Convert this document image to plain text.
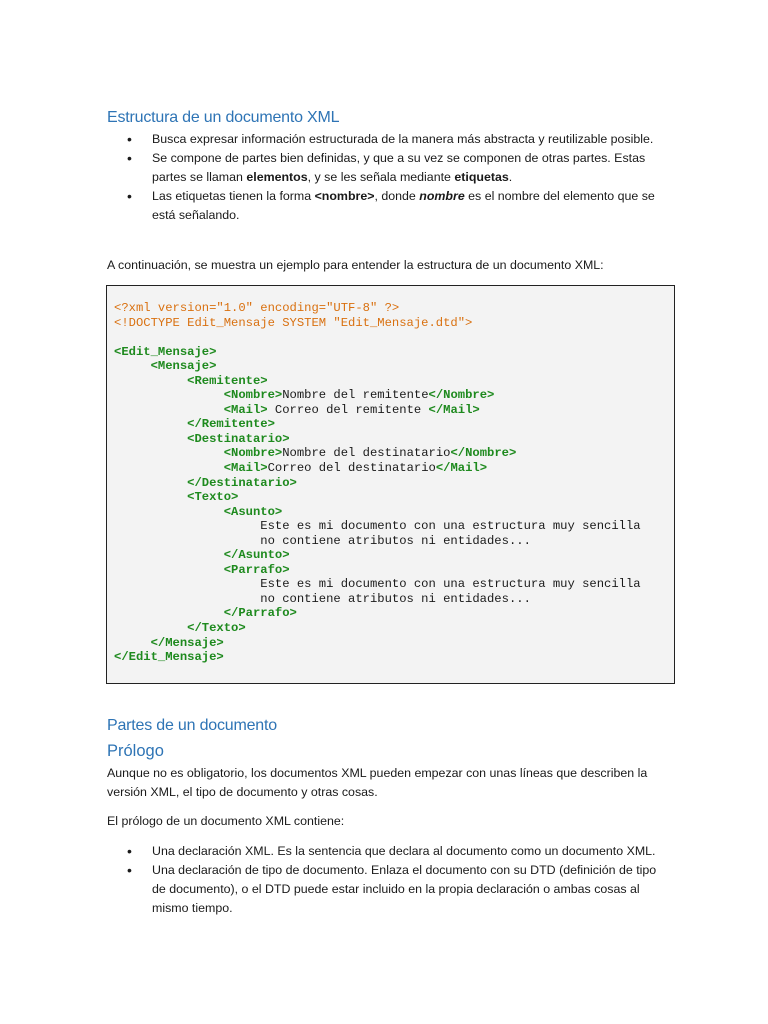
Estructura de un documento XML
• Busca expresar información estructurada de la manera más abstracta y reutilizable posible.
• Se compone de partes bien definidas, y que a su vez se componen de otras partes. Estas partes se llaman elementos, y se les señala mediante etiquetas.
• Las etiquetas tienen la forma <nombre>, donde nombre es el nombre del elemento que se está señalando.

A continuación, se muestra un ejemplo para entender la estructura de un documento XML:

<?xml version="1.0" encoding="UTF-8" ?>
<!DOCTYPE Edit_Mensaje SYSTEM "Edit_Mensaje.dtd">

<Edit_Mensaje>
<Mensaje>
<Remitente>
<Nombre>Nombre del remitente</Nombre>
<Mail> Correo del remitente </Mail>
</Remitente>
<Destinatario>
<Nombre>Nombre del destinatario</Nombre>
<Mail>Correo del destinatario</Mail>
</Destinatario>
<Texto>
<Asunto>
Este es mi documento con una estructura muy sencilla
no contiene atributos ni entidades...
</Asunto>
<Parrafo>
Este es mi documento con una estructura muy sencilla
no contiene atributos ni entidades...
</Parrafo>
</Texto>
</Mensaje>
</Edit_Mensaje>
Partes de un documento
Prólogo

Aunque no es obligatorio, los documentos XML pueden empezar con unas líneas que describen la versión XML, el tipo de documento y otras cosas.

El prólogo de un documento XML contiene:

• Una declaración XML. Es la sentencia que declara al documento como un documento XML.
• Una declaración de tipo de documento. Enlaza el documento con su DTD (definición de tipo de documento), o el DTD puede estar incluido en la propia declaración o ambas cosas al mismo tiempo.
